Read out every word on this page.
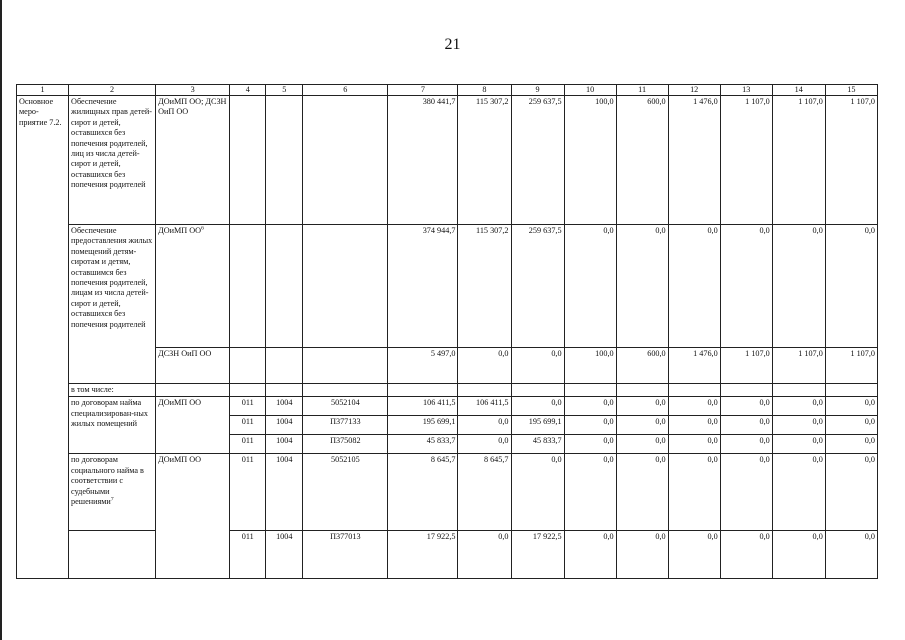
21
1	2	3	4	5	6	7	8	9	10	11	12	13	14	15
Основное меро-приятие 7.2.	Обеспечение жилищных прав детей-сирот и детей, оставшихся без попечения родителей, лиц из числа детей-сирот и детей, оставшихся без попечения родителей	ДОиМП ОО; ДСЗН ОиП ОО				380 441,7	115 307,2	259 637,5	100,0	600,0	1 476,0	1 107,0	1 107,0	1 107,0
	Обеспечение предоставления жилых помещений детям-сиротам и детям, оставшимся без попечения родителей, лицам из числа детей-сирот и детей, оставшихся без попечения родителей	ДОиМП $ОО^6$				374 944,7	115 307,2	259 637,5	0,0	0,0	0,0	0,0	0,0	0,0
		ДСЗН ОиП ОО				5 497,0	0,0	0,0	100,0	600,0	1 476,0	1 107,0	1 107,0	1 107,0
	в том числе:													
	по договорам найма специализирован-ных жилых помещений	ДОиМП ОО	011	1004	5052104	106 411,5	106 411,5	0,0	0,0	0,0	0,0	0,0	0,0	0,0
			011	1004	П377133	195 699,1	0,0	195 699,1	0,0	0,0	0,0	0,0	0,0	0,0
			011	1004	П375082	45 833,7	0,0	45 833,7	0,0	0,0	0,0	0,0	0,0	0,0
	по договорам социального найма в соответствии с судебными решениями$^7$	ДОиМП ОО	011	1004	5052105	8 645,7	8 645,7	0,0	0,0	0,0	0,0	0,0	0,0	0,0
			011	1004	П377013	17 922,5	0,0	17 922,5	0,0	0,0	0,0	0,0	0,0	0,0
